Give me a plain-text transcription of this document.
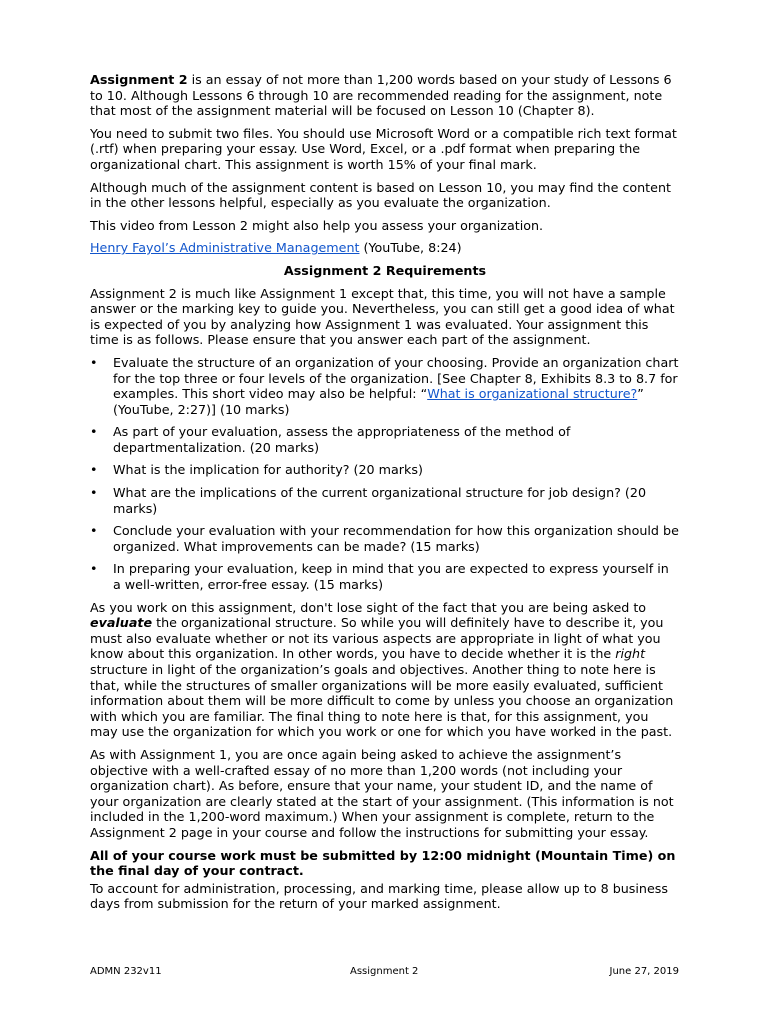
Assignment 2 is an essay of not more than 1,200 words based on your study of Lessons 6 to 10. Although Lessons 6 through 10 are recommended reading for the assignment, note that most of the assignment material will be focused on Lesson 10 (Chapter 8).

You need to submit two files. You should use Microsoft Word or a compatible rich text format (.rtf) when preparing your essay. Use Word, Excel, or a .pdf format when preparing the organizational chart. This assignment is worth 15% of your final mark.

Although much of the assignment content is based on Lesson 10, you may find the content in the other lessons helpful, especially as you evaluate the organization.

This video from Lesson 2 might also help you assess your organization.

Henry Fayol’s Administrative Management (YouTube, 8:24)

Assignment 2 Requirements

Assignment 2 is much like Assignment 1 except that, this time, you will not have a sample answer or the marking key to guide you. Nevertheless, you can still get a good idea of what is expected of you by analyzing how Assignment 1 was evaluated. Your assignment this time is as follows. Please ensure that you answer each part of the assignment.

• Evaluate the structure of an organization of your choosing. Provide an organization chart for the top three or four levels of the organization. [See Chapter 8, Exhibits 8.3 to 8.7 for examples. This short video may also be helpful: “What is organizational structure?” (YouTube, 2:27)] (10 marks)
• As part of your evaluation, assess the appropriateness of the method of departmentalization. (20 marks)
• What is the implication for authority? (20 marks)
• What are the implications of the current organizational structure for job design? (20 marks)
• Conclude your evaluation with your recommendation for how this organization should be organized. What improvements can be made? (15 marks)
• In preparing your evaluation, keep in mind that you are expected to express yourself in a well-written, error-free essay. (15 marks)

As you work on this assignment, don't lose sight of the fact that you are being asked to evaluate the organizational structure. So while you will definitely have to describe it, you must also evaluate whether or not its various aspects are appropriate in light of what you know about this organization. In other words, you have to decide whether it is the right structure in light of the organization’s goals and objectives. Another thing to note here is that, while the structures of smaller organizations will be more easily evaluated, sufficient information about them will be more difficult to come by unless you choose an organization with which you are familiar. The final thing to note here is that, for this assignment, you may use the organization for which you work or one for which you have worked in the past.

As with Assignment 1, you are once again being asked to achieve the assignment’s objective with a well-crafted essay of no more than 1,200 words (not including your organization chart). As before, ensure that your name, your student ID, and the name of your organization are clearly stated at the start of your assignment. (This information is not included in the 1,200-word maximum.) When your assignment is complete, return to the Assignment 2 page in your course and follow the instructions for submitting your essay.

All of your course work must be submitted by 12:00 midnight (Mountain Time) on the final day of your contract.

To account for administration, processing, and marking time, please allow up to 8 business days from submission for the return of your marked assignment.

ADMN 232v11	Assignment 2	June 27, 2019
